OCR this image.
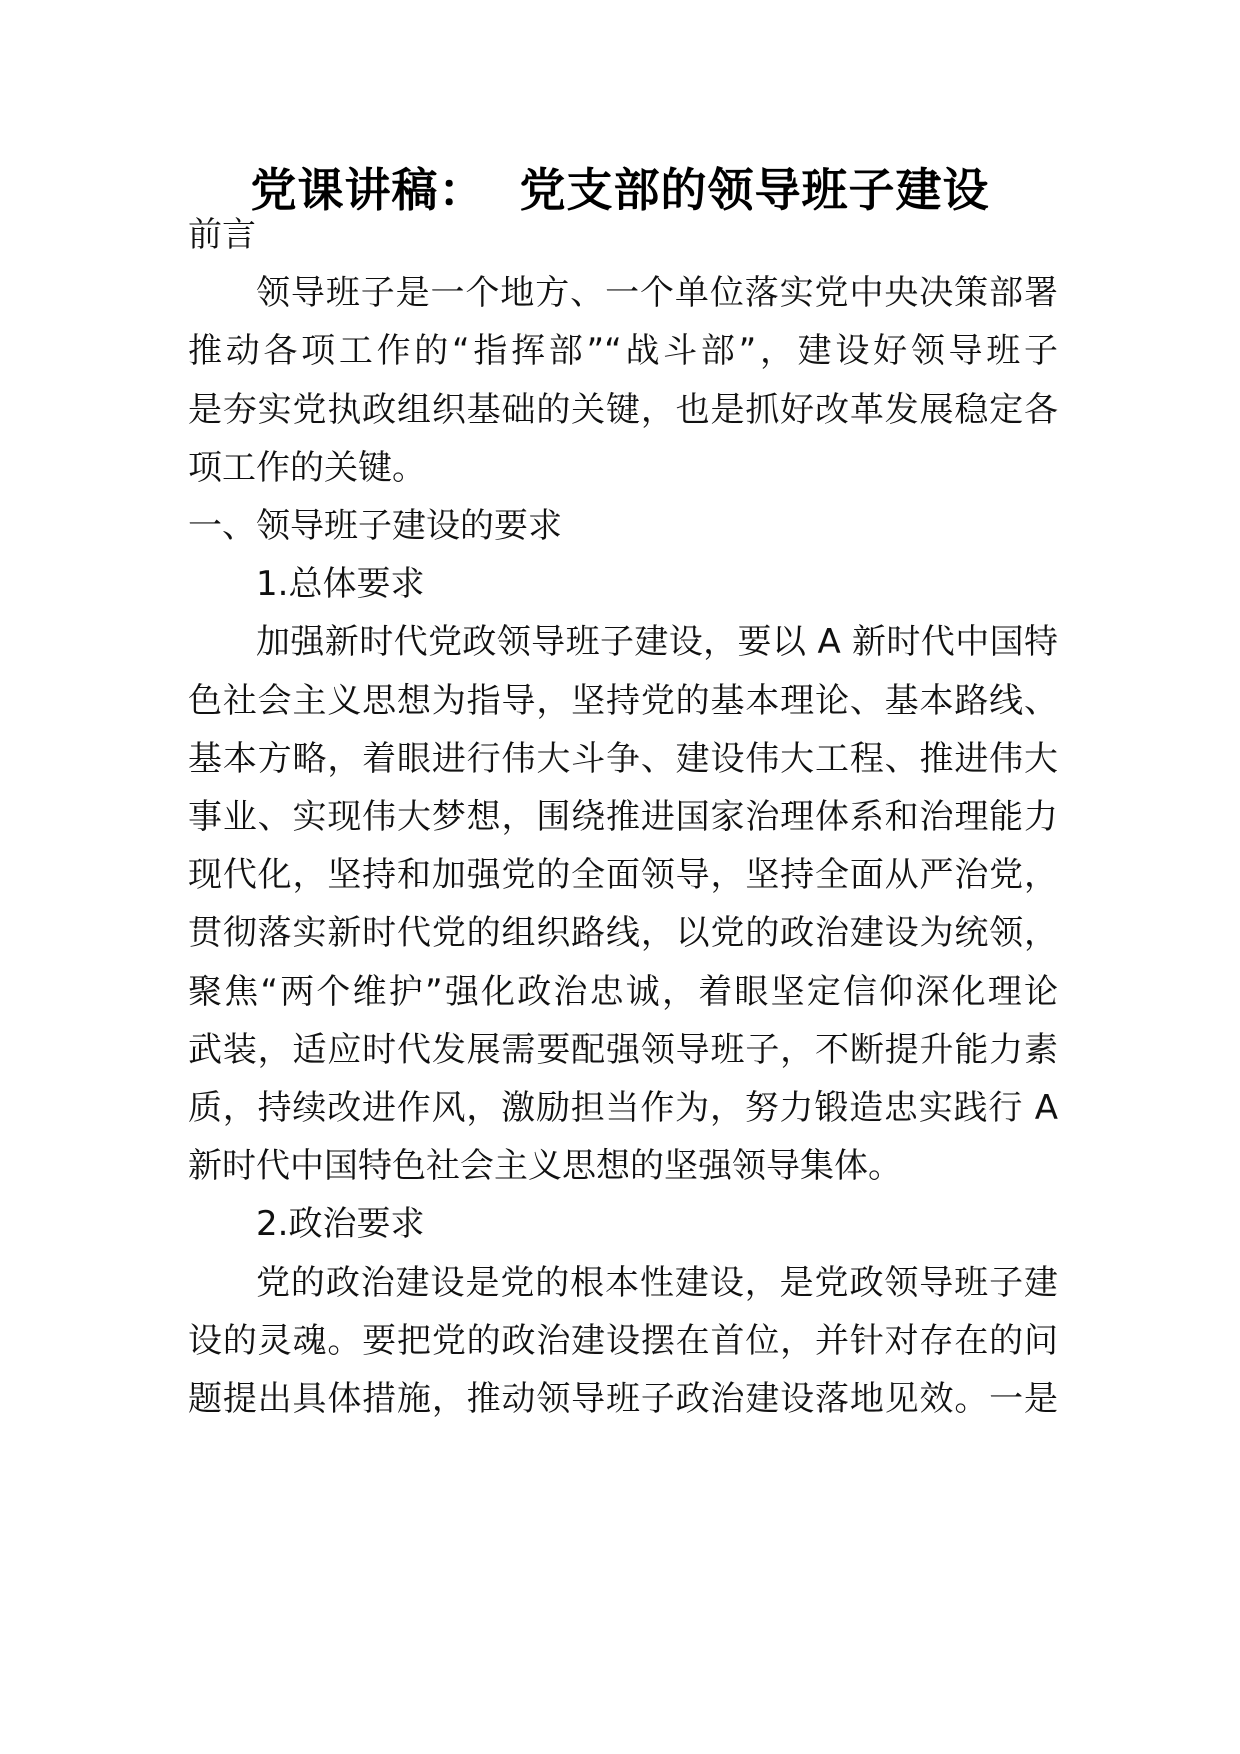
党课讲稿：  党支部的领导班子建设
前言
领导班子是一个地方、一个单位落实党中央决策部署
推动各项工作的“指挥部”“战斗部”，建设好领导班子
是夯实党执政组织基础的关键，也是抓好改革发展稳定各
项工作的关键。
一、领导班子建设的要求
1.总体要求
加强新时代党政领导班子建设，要以 A 新时代中国特
色社会主义思想为指导，坚持党的基本理论、基本路线、
基本方略，着眼进行伟大斗争、建设伟大工程、推进伟大
事业、实现伟大梦想，围绕推进国家治理体系和治理能力
现代化，坚持和加强党的全面领导，坚持全面从严治党，
贯彻落实新时代党的组织路线，以党的政治建设为统领，
聚焦“两个维护”强化政治忠诚，着眼坚定信仰深化理论
武装，适应时代发展需要配强领导班子，不断提升能力素
质，持续改进作风，激励担当作为，努力锻造忠实践行 A
新时代中国特色社会主义思想的坚强领导集体。
2.政治要求
党的政治建设是党的根本性建设，是党政领导班子建
设的灵魂。要把党的政治建设摆在首位，并针对存在的问
题提出具体措施，推动领导班子政治建设落地见效。一是
